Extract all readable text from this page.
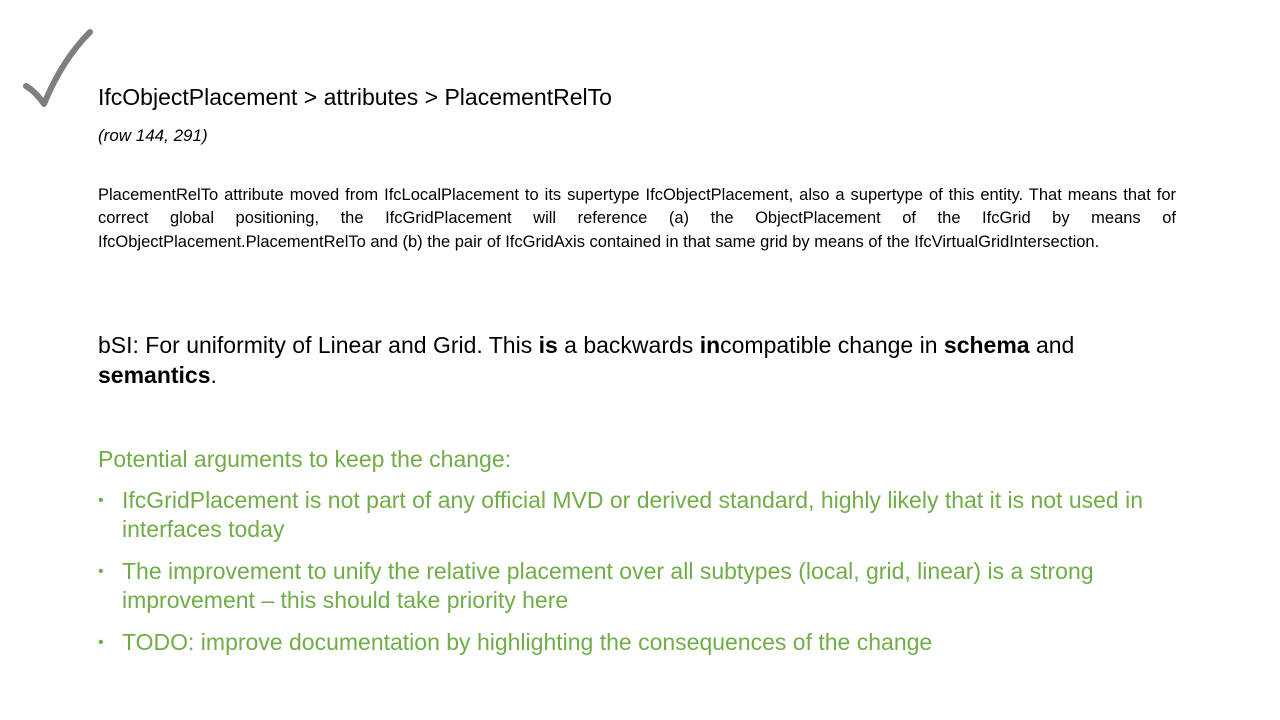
IfcObjectPlacement > attributes > PlacementRelTo
(row 144, 291)
PlacementRelTo attribute moved from IfcLocalPlacement to its supertype IfcObjectPlacement, also a supertype of this entity. That means that for correct global positioning, the IfcGridPlacement will reference (a) the ObjectPlacement of the IfcGrid by means of IfcObjectPlacement.PlacementRelTo and (b) the pair of IfcGridAxis contained in that same grid by means of the IfcVirtualGridIntersection.
bSI: For uniformity of Linear and Grid. This is a backwards incompatible change in schema and semantics.
Potential arguments to keep the change:
• IfcGridPlacement is not part of any official MVD or derived standard, highly likely that it is not used in interfaces today
• The improvement to unify the relative placement over all subtypes (local, grid, linear) is a strong improvement – this should take priority here
• TODO: improve documentation by highlighting the consequences of the change
